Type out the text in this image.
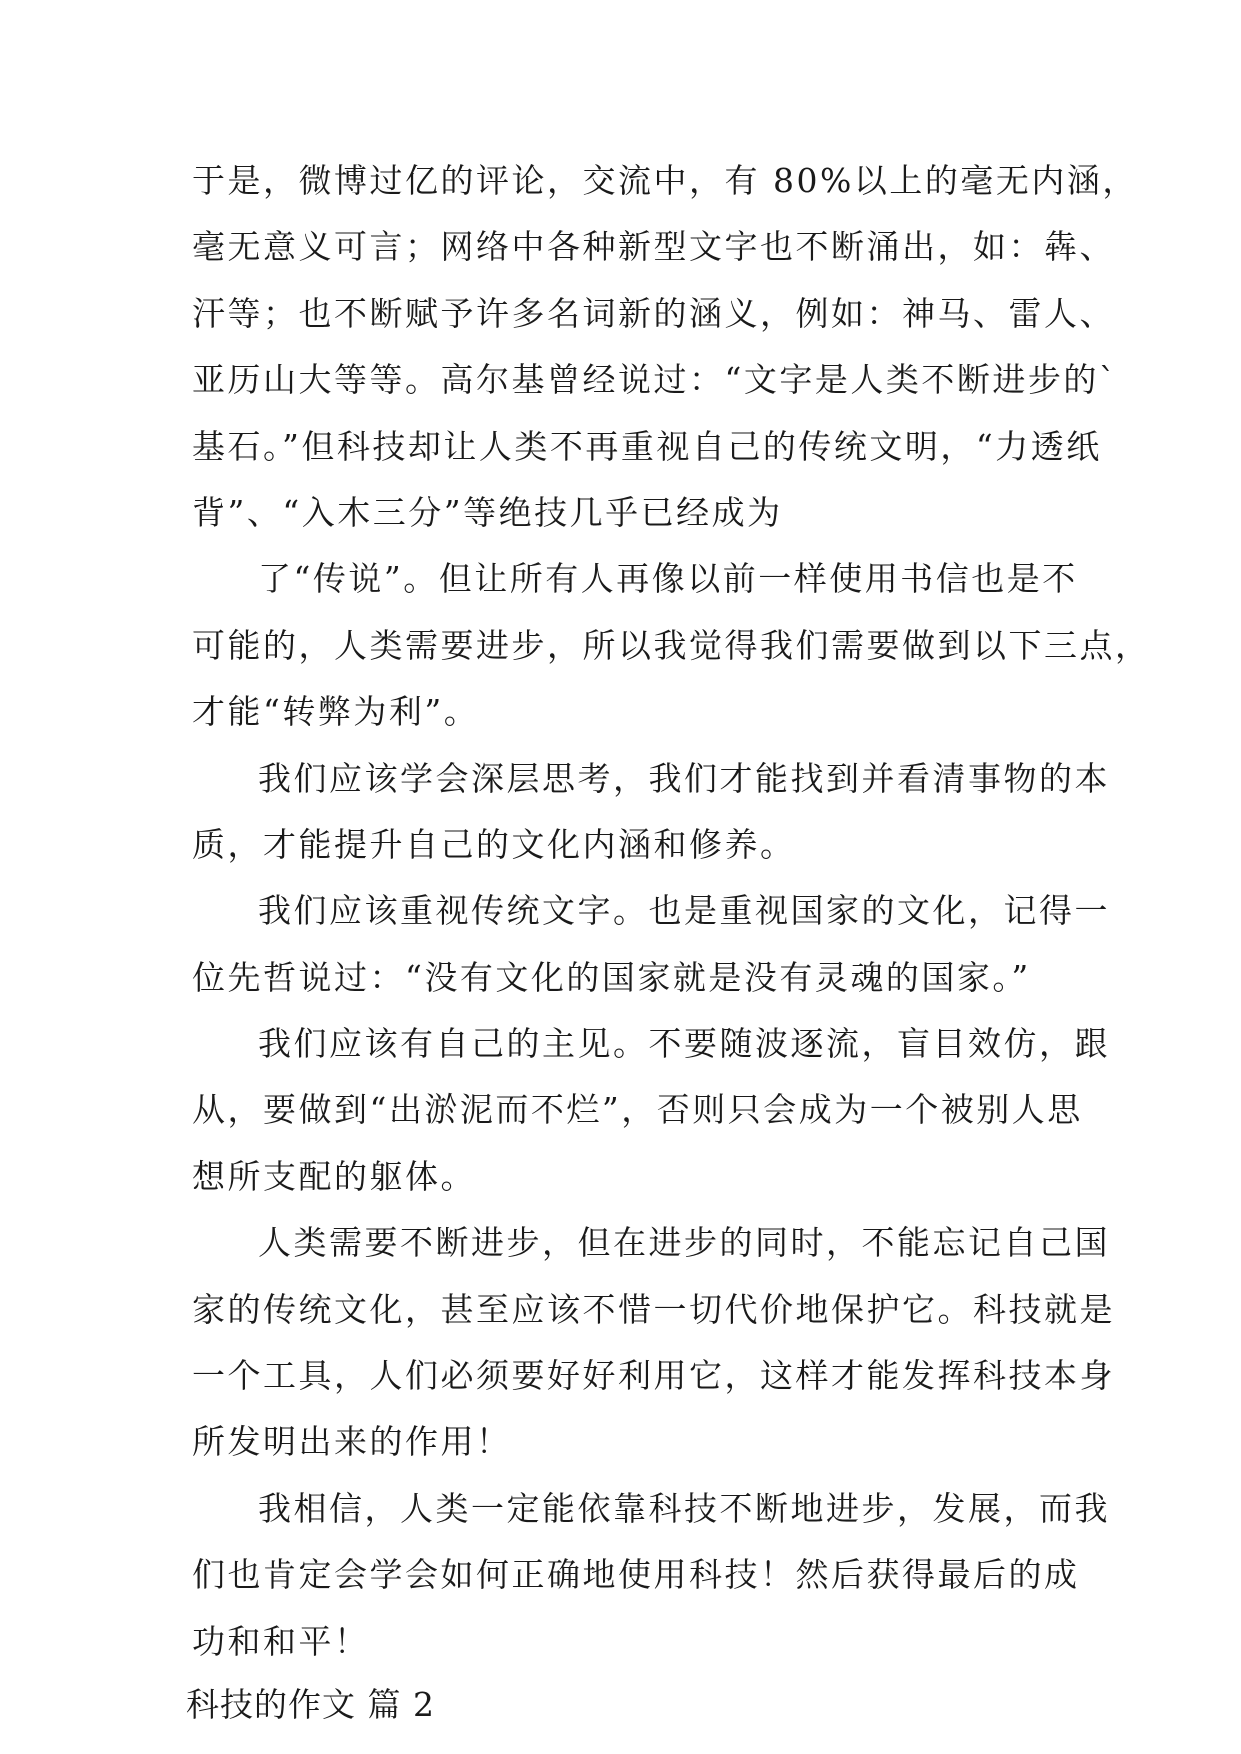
于是，微博过亿的评论，交流中，有 80%以上的毫无内涵，
毫无意义可言；网络中各种新型文字也不断涌出，如：犇、
汗等；也不断赋予许多名词新的涵义，例如：神马、雷人、
亚历山大等等。高尔基曾经说过：“文字是人类不断进步的`
基石。”但科技却让人类不再重视自己的传统文明，“力透纸
背”、“入木三分”等绝技几乎已经成为
了“传说”。但让所有人再像以前一样使用书信也是不
可能的，人类需要进步，所以我觉得我们需要做到以下三点，
才能“转弊为利”。
我们应该学会深层思考，我们才能找到并看清事物的本
质，才能提升自己的文化内涵和修养。
我们应该重视传统文字。也是重视国家的文化，记得一
位先哲说过：“没有文化的国家就是没有灵魂的国家。”
我们应该有自己的主见。不要随波逐流，盲目效仿，跟
从，要做到“出淤泥而不烂”，否则只会成为一个被别人思
想所支配的躯体。
人类需要不断进步，但在进步的同时，不能忘记自己国
家的传统文化，甚至应该不惜一切代价地保护它。科技就是
一个工具，人们必须要好好利用它，这样才能发挥科技本身
所发明出来的作用！
我相信，人类一定能依靠科技不断地进步，发展，而我
们也肯定会学会如何正确地使用科技！然后获得最后的成
功和和平！
科技的作文 篇 2
